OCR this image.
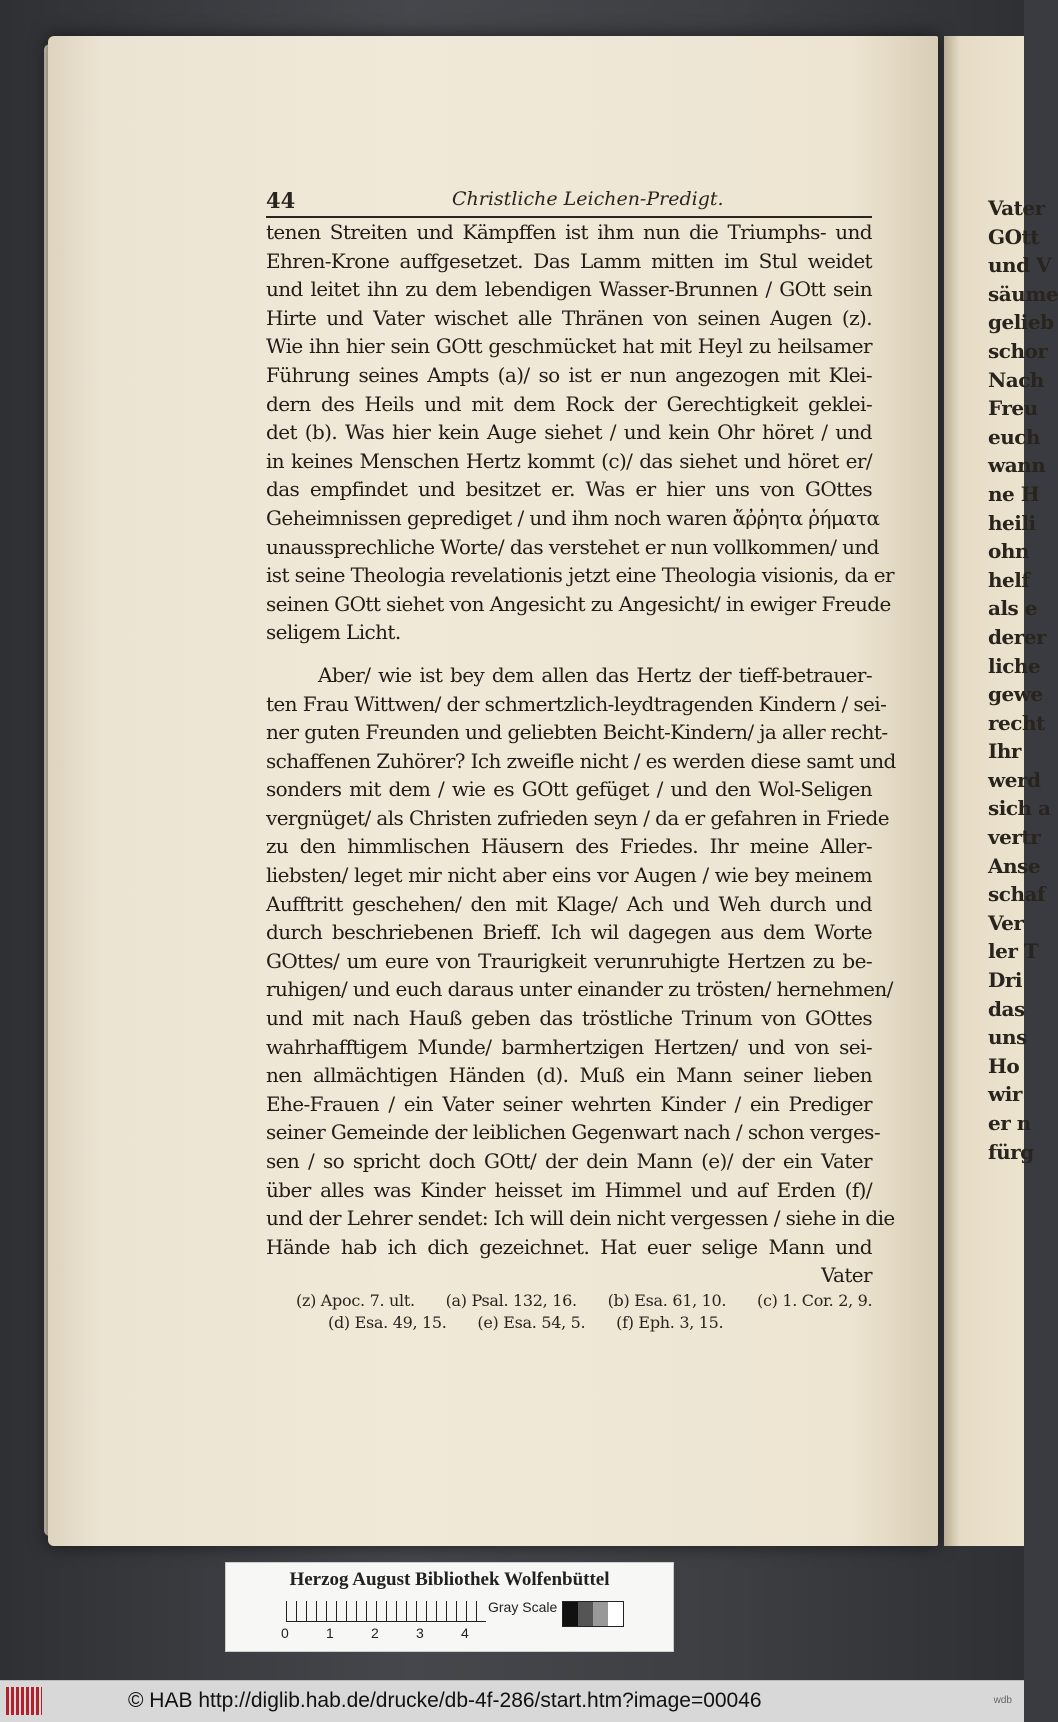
Vater
GOtt
und V
säume
gelieb
schor
Nach
Freu
euch
wann
ne H
heili
ohn
helf
als e
derer
liche
gewe
recht
Ihr
werd
sich a
vertr
Anse
schaf
Ver
ler T
Dri
das
uns
Ho
wir
er n
fürg
44	Christliche Leichen-Predigt.
tenen Streiten und Kämpffen ist ihm nun die Triumphs- und
Ehren-Krone auffgesetzet. Das Lamm mitten im Stul weidet
und leitet ihn zu dem lebendigen Wasser-Brunnen / GOtt sein
Hirte und Vater wischet alle Thränen von seinen Augen (z).
Wie ihn hier sein GOtt geschmücket hat mit Heyl zu heilsamer
Führung seines Ampts (a)/ so ist er nun angezogen mit Klei-
dern des Heils und mit dem Rock der Gerechtigkeit geklei-
det (b). Was hier kein Auge siehet / und kein Ohr höret / und
in keines Menschen Hertz kommt (c)/ das siehet und höret er/
das empfindet und besitzet er. Was er hier uns von GOttes
Geheimnissen geprediget / und ihm noch waren ἄῤῥητα ῥήματα
unaussprechliche Worte/ das verstehet er nun vollkommen/ und
ist seine Theologia revelationis jetzt eine Theologia visionis, da er
seinen GOtt siehet von Angesicht zu Angesicht/ in ewiger Freude
seligem Licht.
Aber/ wie ist bey dem allen das Hertz der tieff-betrauer-
ten Frau Wittwen/ der schmertzlich-leydtragenden Kindern / sei-
ner guten Freunden und geliebten Beicht-Kindern/ ja aller recht-
schaffenen Zuhörer? Ich zweifle nicht / es werden diese samt und
sonders mit dem / wie es GOtt gefüget / und den Wol-Seligen
vergnüget/ als Christen zufrieden seyn / da er gefahren in Friede
zu den himmlischen Häusern des Friedes. Ihr meine Aller-
liebsten/ leget mir nicht aber eins vor Augen / wie bey meinem
Aufftritt geschehen/ den mit Klage/ Ach und Weh durch und
durch beschriebenen Brieff. Ich wil dagegen aus dem Worte
GOttes/ um eure von Traurigkeit verunruhigte Hertzen zu be-
ruhigen/ und euch daraus unter einander zu trösten/ hernehmen/
und mit nach Hauß geben das tröstliche Trinum von GOttes
wahrhafftigem Munde/ barmhertzigen Hertzen/ und von sei-
nen allmächtigen Händen (d). Muß ein Mann seiner lieben
Ehe-Frauen / ein Vater seiner wehrten Kinder / ein Prediger
seiner Gemeinde der leiblichen Gegenwart nach / schon verges-
sen / so spricht doch GOtt/ der dein Mann (e)/ der ein Vater
über alles was Kinder heisset im Himmel und auf Erden (f)/
und der Lehrer sendet: Ich will dein nicht vergessen / siehe in die
Hände hab ich dich gezeichnet. Hat euer selige Mann und
Vater
(z) Apoc. 7. ult. (a) Psal. 132, 16. (b) Esa. 61, 10. (c) 1. Cor. 2, 9.
(d) Esa. 49, 15. (e) Esa. 54, 5. (f) Eph. 3, 15.
Herzog August Bibliothek Wolfenbüttel
0	1	2	3	4
Gray Scale
© HAB http://diglib.hab.de/drucke/db-4f-286/start.htm?image=00046	wdb
